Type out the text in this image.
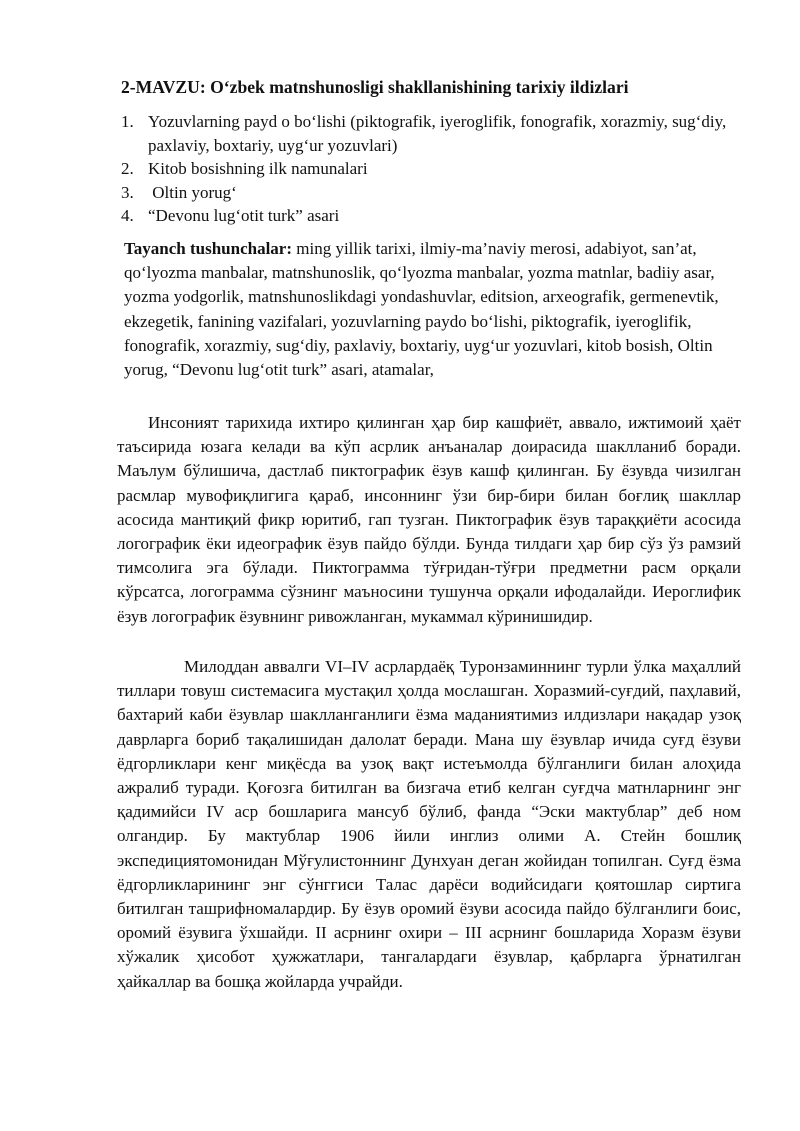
2-MAVZU: O‘zbek matnshunosligi shakllanishining tarixiy ildizlari
1. Yozuvlarning payd o bo‘lishi (piktografik, iyeroglifik, fonografik, xorazmiy, sug‘diy, paxlaviy, boxtariy, uyg‘ur yozuvlari)
2. Kitob bosishning ilk namunalari
3. Oltin yorug‘
4. “Devonu lug‘otit turk” asari

Tayanch tushunchalar: ming yillik tarixi, ilmiy-ma’naviy merosi, adabiyot, san’at, qo‘lyozma manbalar, matnshunoslik, qo‘lyozma manbalar, yozma matnlar, badiiy asar, yozma yodgorlik, matnshunoslikdagi yondashuvlar, editsion, arxeografik, germenevtik, ekzegetik, fanining vazifalari, yozuvlarning paydo bo‘lishi, piktografik, iyeroglifik, fonografik, xorazmiy, sug‘diy, paxlaviy, boxtariy, uyg‘ur yozuvlari, kitob bosish, Oltin yorug, “Devonu lug‘otit turk” asari, atamalar,

Инсоният тарихида ихтиро қилинган ҳар бир кашфиёт, аввало, ижтимоий ҳаёт таъсирида юзага келади ва кўп асрлик анъаналар доирасида шаклланиб боради. Маълум бўлишича, дастлаб пиктографик ёзув кашф қилинган. Бу ёзувда чизилган расмлар мувофиқлигига қараб, инсоннинг ўзи бир-бири билан боғлиқ шакллар асосида мантиқий фикр юритиб, гап тузган. Пиктографик ёзув тараққиёти асосида логографик ёки идеографик ёзув пайдо бўлди. Бунда тилдаги ҳар бир сўз ўз рамзий тимсолига эга бўлади. Пиктограмма тўғридан-тўғри предметни расм орқали кўрсатса, логограмма сўзнинг маъносини тушунча орқали ифодалайди. Иероглифик ёзув логографик ёзувнинг ривожланган, мукаммал кўринишидир.

Милоддан аввалги VI–IV асрлардаёқ Туронзаминнинг турли ўлка маҳаллий тиллари товуш системасига мустақил ҳолда мослашган. Хоразмий-суғдий, паҳлавий, бахтарий каби ёзувлар шаклланганлиги ёзма маданиятимиз илдизлари нақадар узоқ даврларга бориб тақалишидан далолат беради. Мана шу ёзувлар ичида суғд ёзуви ёдгорликлари кенг миқёсда ва узоқ вақт истеъмолда бўлганлиги билан алоҳида ажралиб туради. Қоғозга битилган ва бизгача етиб келган суғдча матнларнинг энг қадимийси IV аср бошларига мансуб бўлиб, фанда “Эски мактублар” деб ном олгандир. Бу мактублар 1906 йили инглиз олими А. Стейн бошлиқ экспедициятомонидан Мўғулистоннинг Дунхуан деган жойидан топилган. Суғд ёзма ёдгорликларининг энг сўнггиси Талас дарёси водийсидаги қоятошлар сиртига битилган ташрифномалардир. Бу ёзув оромий ёзуви асосида пайдо бўлганлиги боис, оромий ёзувига ўхшайди. II асрнинг охири – III асрнинг бошларида Хоразм ёзуви хўжалик ҳисобот ҳужжатлари, тангалардаги ёзувлар, қабрларга ўрнатилган ҳайкаллар ва бошқа жойларда учрайди.
